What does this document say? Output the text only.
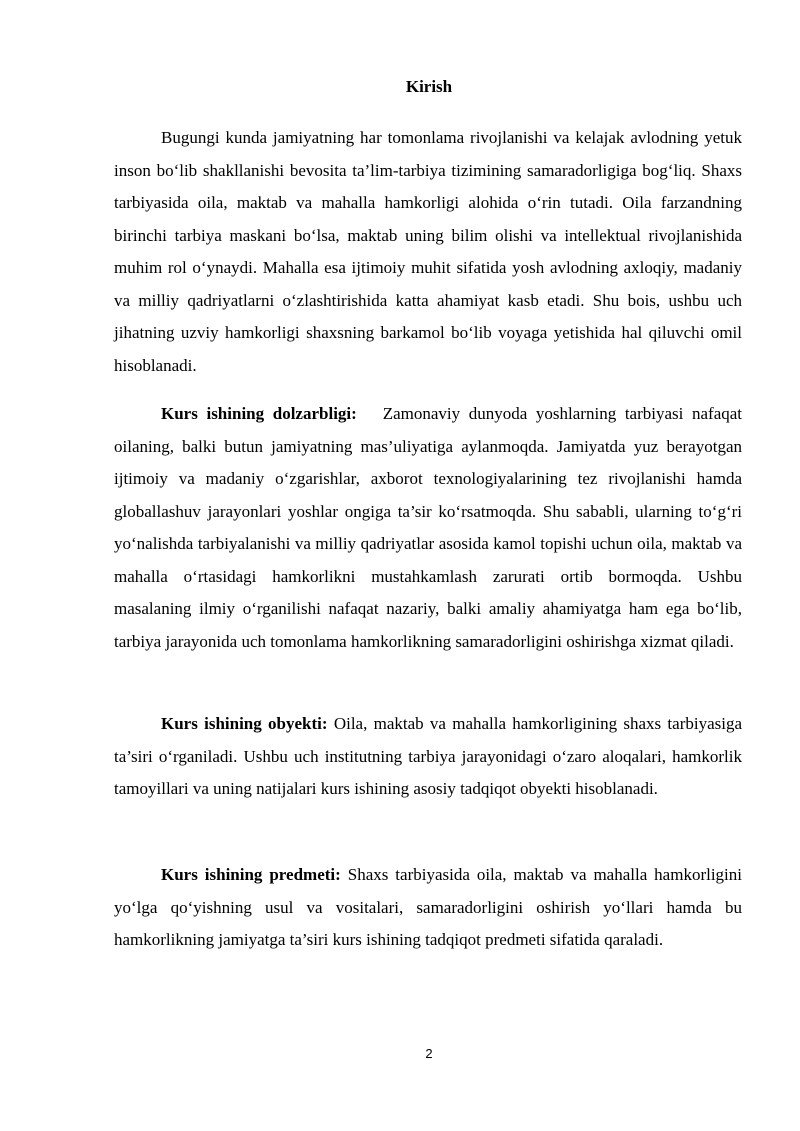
Kirish

Bugungi kunda jamiyatning har tomonlama rivojlanishi va kelajak avlodning yetuk inson bo‘lib shakllanishi bevosita ta’lim-tarbiya tizimining samaradorligiga bog‘liq. Shaxs tarbiyasida oila, maktab va mahalla hamkorligi alohida o‘rin tutadi. Oila farzandning birinchi tarbiya maskani bo‘lsa, maktab uning bilim olishi va intellektual rivojlanishida muhim rol o‘ynaydi. Mahalla esa ijtimoiy muhit sifatida yosh avlodning axloqiy, madaniy va milliy qadriyatlarni o‘zlashtirishida katta ahamiyat kasb etadi. Shu bois, ushbu uch jihatning uzviy hamkorligi shaxsning barkamol bo‘lib voyaga yetishida hal qiluvchi omil hisoblanadi.

Kurs ishining dolzarbligi: Zamonaviy dunyoda yoshlarning tarbiyasi nafaqat oilaning, balki butun jamiyatning mas’uliyatiga aylanmoqda. Jamiyatda yuz berayotgan ijtimoiy va madaniy o‘zgarishlar, axborot texnologiyalarining tez rivojlanishi hamda globallashuv jarayonlari yoshlar ongiga ta’sir ko‘rsatmoqda. Shu sababli, ularning to‘g‘ri yo‘nalishda tarbiyalanishi va milliy qadriyatlar asosida kamol topishi uchun oila, maktab va mahalla o‘rtasidagi hamkorlikni mustahkamlash zarurati ortib bormoqda. Ushbu masalaning ilmiy o‘rganilishi nafaqat nazariy, balki amaliy ahamiyatga ham ega bo‘lib, tarbiya jarayonida uch tomonlama hamkorlikning samaradorligini oshirishga xizmat qiladi.

Kurs ishining obyekti: Oila, maktab va mahalla hamkorligining shaxs tarbiyasiga ta’siri o‘rganiladi. Ushbu uch institutning tarbiya jarayonidagi o‘zaro aloqalari, hamkorlik tamoyillari va uning natijalari kurs ishining asosiy tadqiqot obyekti hisoblanadi.

Kurs ishining predmeti: Shaxs tarbiyasida oila, maktab va mahalla hamkorligini yo‘lga qo‘yishning usul va vositalari, samaradorligini oshirish yo‘llari hamda bu hamkorlikning jamiyatga ta’siri kurs ishining tadqiqot predmeti sifatida qaraladi.

2
